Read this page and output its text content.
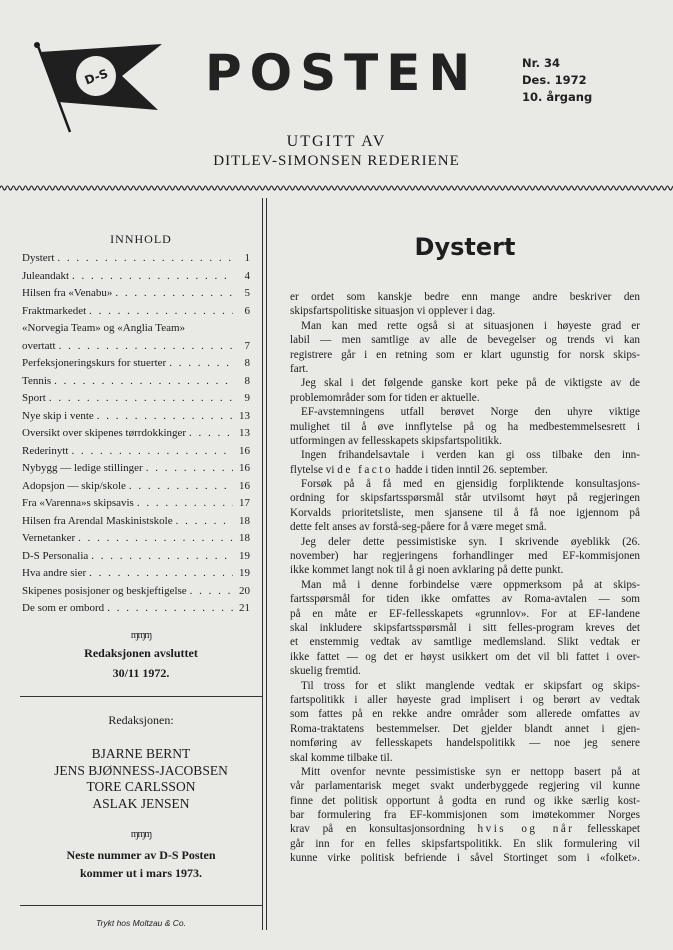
D-S POSTEN	Nr. 34
Des. 1972
10. årgang
UTGITT AV
DITLEV-SIMONSEN REDERIENE
INNHOLD
Dystert . . .	1
Juleandakt . . .	4
Hilsen fra «Venabu» . . .	5
Fraktmarkedet . . .	6
«Norvegia Team» og «Anglia Team»
overtatt . . .	7
Perfeksjoneringskurs for stuerter . . .	8
Tennis . . .	8
Sport . . .	9
Nye skip i vente . . .	13
Oversikt over skipenes tørrdokkinger . . .	13
Rederinytt . . .	16
Nybygg — ledige stillinger . . .	16
Adopsjon — skip/skole . . .	16
Fra «Varenna»s skipsavis . . .	17
Hilsen fra Arendal Maskinistskole . . .	18
Vernetanker . . .	18
D-S Personalia . . .	19
Hva andre sier . . .	19
Skipenes posisjoner og beskjeftigelse . . .	20
De som er ombord . . .	21
ɱɱɱ
Redaksjonen avsluttet
30/11 1972.
Redaksjonen:
BJARNE BERNT
JENS BJØNNESS-JACOBSEN
TORE CARLSSON
ASLAK JENSEN
ɱɱɱ
Neste nummer av D-S Posten
kommer ut i mars 1973.
Trykt hos Moltzau & Co.
Dystert
er ordet som kanskje bedre enn mange andre beskriver den
skipsfartspolitiske situasjon vi opplever i dag.
Man kan med rette også si at situasjonen i høyeste grad er
labil — men samtlige av alle de bevegelser og trends vi kan
registrere går i en retning som er klart ugunstig for norsk skips-
fart.
Jeg skal i det følgende ganske kort peke på de viktigste av de
problemområder som for tiden er aktuelle.
EF-avstemningens utfall berøvet Norge den uhyre viktige
mulighet til å øve innflytelse på og ha medbestemmelsesrett i
utformingen av fellesskapets skipsfartspolitikk.
Ingen frihandelsavtale i verden kan gi oss tilbake den inn-
flytelse vi de facto hadde i tiden inntil 26. september.
Forsøk på å få med en gjensidig forpliktende konsultasjons-
ordning for skipsfartsspørsmål står utvilsomt høyt på regjeringen
Korvalds prioritetsliste, men sjansene til å få noe igjennom på
dette felt anses av forstå-seg-påere for å være meget små.
Jeg deler dette pessimistiske syn. I skrivende øyeblikk (26.
november) har regjeringens forhandlinger med EF-kommisjonen
ikke kommet langt nok til å gi noen avklaring på dette punkt.
Man må i denne forbindelse være oppmerksom på at skips-
fartsspørsmål for tiden ikke omfattes av Roma-avtalen — som
på en måte er EF-fellesskapets «grunnlov». For at EF-landene
skal inkludere skipsfartsspørsmål i sitt felles-program kreves det
et enstemmig vedtak av samtlige medlemsland. Slikt vedtak er
ikke fattet — og det er høyst usikkert om det vil bli fattet i over-
skuelig fremtid.
Til tross for et slikt manglende vedtak er skipsfart og skips-
fartspolitikk i aller høyeste grad implisert i og berørt av vedtak
som fattes på en rekke andre områder som allerede omfattes av
Roma-traktatens bestemmelser. Det gjelder blandt annet i gjen-
nomføring av fellesskapets handelspolitikk — noe jeg senere
skal komme tilbake til.
Mitt ovenfor nevnte pessimistiske syn er nettopp basert på at
vår parlamentarisk meget svakt underbyggede regjering vil kunne
finne det politisk opportunt å godta en rund og ikke særlig kost-
bar formulering fra EF-kommisjonen som imøtekommer Norges
krav på en konsultasjonsordning hvis og når fellesskapet
går inn for en felles skipsfartspolitikk. En slik formulering vil
kunne virke politisk befriende i såvel Stortinget som i «folket».
